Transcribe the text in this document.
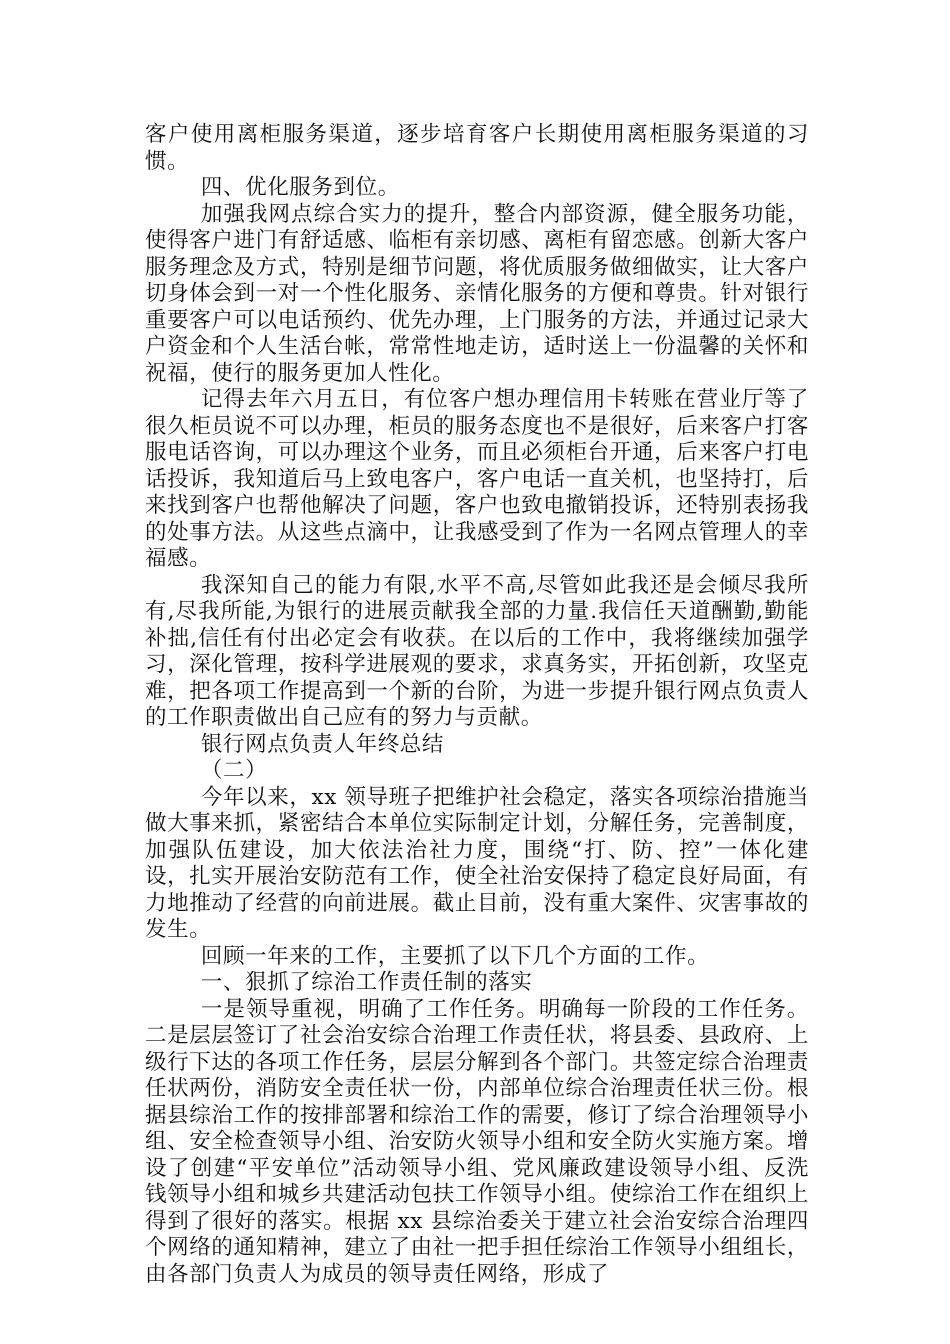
客户使用离柜服务渠道，逐步培育客户长期使用离柜服务渠道的习惯。

四、优化服务到位。

加强我网点综合实力的提升，整合内部资源，健全服务功能，使得客户进门有舒适感、临柜有亲切感、离柜有留恋感。创新大客户服务理念及方式，特别是细节问题，将优质服务做细做实，让大客户切身体会到一对一个性化服务、亲情化服务的方便和尊贵。针对银行重要客户可以电话预约、优先办理，上门服务的方法，并通过记录大户资金和个人生活台帐，常常性地走访，适时送上一份温馨的关怀和祝福，使行的服务更加人性化。

记得去年六月五日，有位客户想办理信用卡转账在营业厅等了很久柜员说不可以办理，柜员的服务态度也不是很好，后来客户打客服电话咨询，可以办理这个业务，而且必须柜台开通，后来客户打电话投诉，我知道后马上致电客户，客户电话一直关机，也坚持打，后来找到客户也帮他解决了问题，客户也致电撤销投诉，还特别表扬我的处事方法。从这些点滴中，让我感受到了作为一名网点管理人的幸福感。

我深知自己的能力有限,水平不高,尽管如此我还是会倾尽我所有,尽我所能,为银行的进展贡献我全部的力量.我信任天道酬勤,勤能补拙,信任有付出必定会有收获。在以后的工作中，我将继续加强学习，深化管理，按科学进展观的要求，求真务实，开拓创新，攻坚克难，把各项工作提高到一个新的台阶，为进一步提升银行网点负责人的工作职责做出自己应有的努力与贡献。

银行网点负责人年终总结

（二）

今年以来，xx 领导班子把维护社会稳定，落实各项综治措施当做大事来抓，紧密结合本单位实际制定计划，分解任务，完善制度，加强队伍建设，加大依法治社力度，围绕“打、防、控”一体化建设，扎实开展治安防范有工作，使全社治安保持了稳定良好局面，有力地推动了经营的向前进展。截止目前，没有重大案件、灾害事故的发生。

回顾一年来的工作，主要抓了以下几个方面的工作。

一、狠抓了综治工作责任制的落实

一是领导重视，明确了工作任务。明确每一阶段的工作任务。二是层层签订了社会治安综合治理工作责任状，将县委、县政府、上级行下达的各项工作任务，层层分解到各个部门。共签定综合治理责任状两份，消防安全责任状一份，内部单位综合治理责任状三份。根据县综治工作的按排部署和综治工作的需要，修订了综合治理领导小组、安全检查领导小组、治安防火领导小组和安全防火实施方案。增设了创建“平安单位”活动领导小组、党风廉政建设领导小组、反洗钱领导小组和城乡共建活动包扶工作领导小组。使综治工作在组织上得到了很好的落实。根据 xx 县综治委关于建立社会治安综合治理四个网络的通知精神，建立了由社一把手担任综治工作领导小组组长，由各部门负责人为成员的领导责任网络，形成了
